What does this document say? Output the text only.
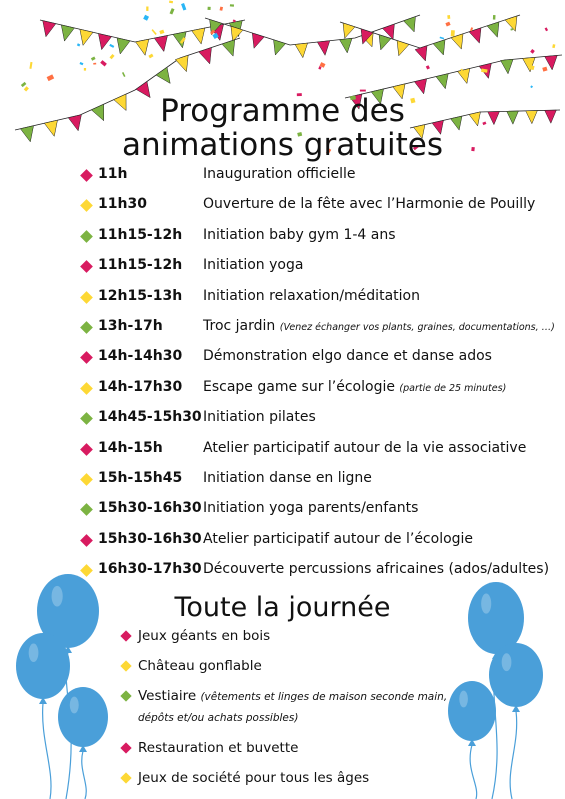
Programme des
animations gratuites
11h	Inauguration officielle
11h30	Ouverture de la fête avec l’Harmonie de Pouilly
11h15-12h Initiation baby gym 1-4 ans
11h15-12h Initiation yoga
12h15-13h Initiation relaxation/méditation
13h-17h	Troc jardin (Venez échanger vos plants, graines, documentations, …)
14h-14h30 Démonstration elgo dance et danse ados
14h-17h30 Escape game sur l’écologie (partie de 25 minutes)
14h45-15h30 Initiation pilates
14h-15h	Atelier participatif autour de la vie associative
15h-15h45 Initiation danse en ligne
15h30-16h30 Initiation yoga parents/enfants
15h30-16h30 Atelier participatif autour de l’écologie
16h30-17h30 Découverte percussions africaines (ados/adultes)
Toute la journée
Jeux géants en bois
Château gonflable
Vestiaire (vêtements et linges de maison seconde main,
dépôts et/ou achats possibles)
Restauration et buvette
Jeux de société pour tous les âges
